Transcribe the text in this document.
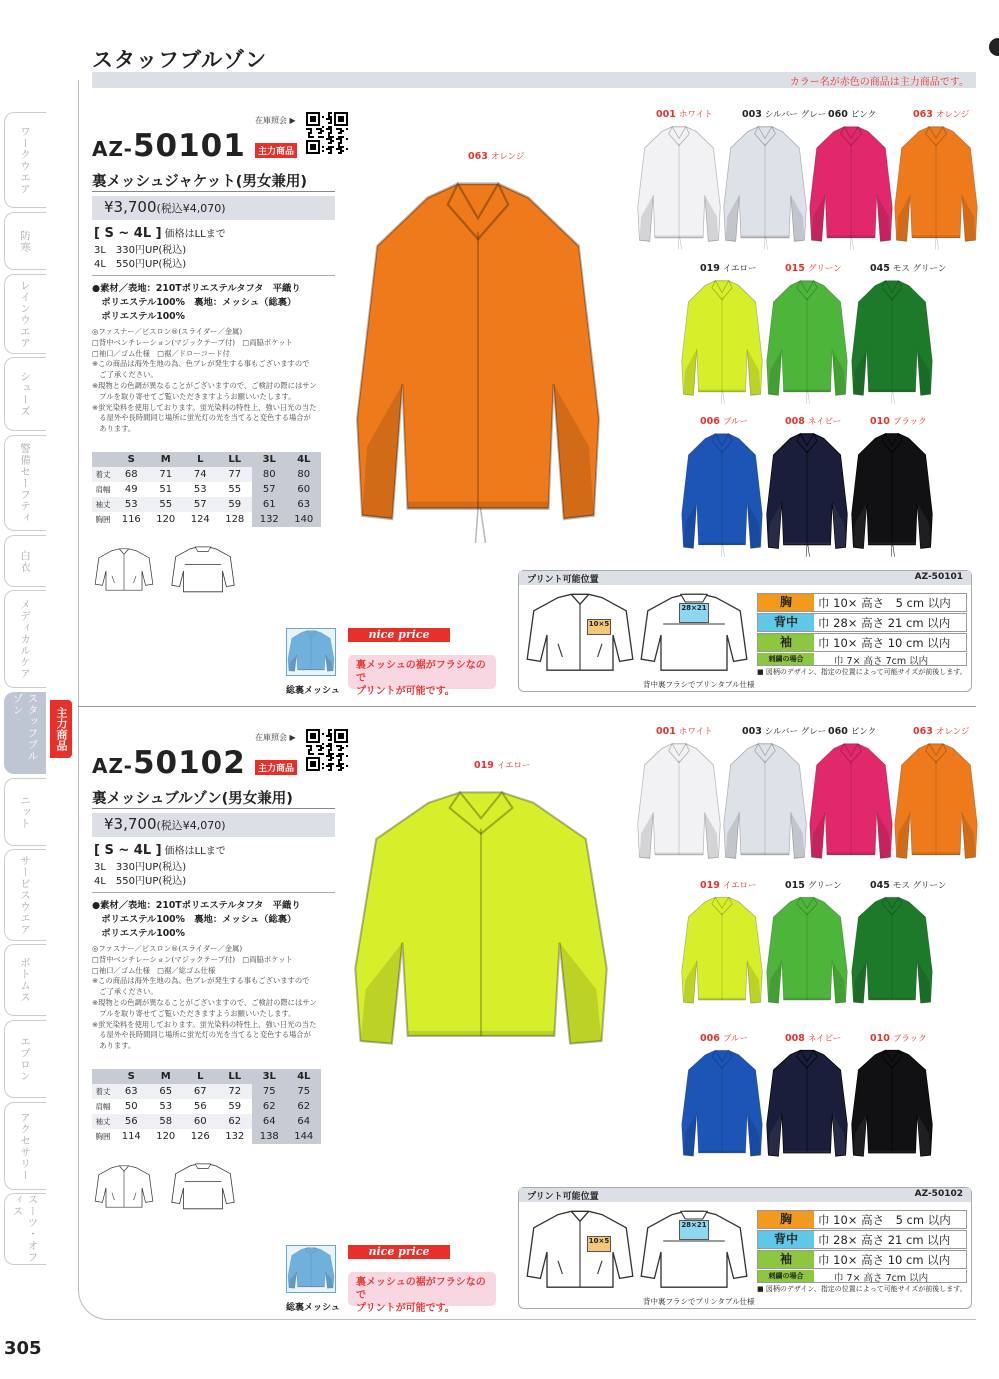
スタッフブルゾン
カラー名が赤色の商品は主力商品です。
ワークウエア
防寒
レインウエア
シューズ
警備セーフティ
白衣
メディカルケア
スタッフブルゾン
ニット
サービスウエア
ボトムス
エプロン
アクセサリー
スーツ・オフィス
主力商品
在庫照会 ▶
AZ-50101	主力商品
裏メッシュジャケット(男女兼用)
¥3,700(税込¥4,070)
[ S ~ 4L ] 価格はLLまで
3L　330円UP(税込)
4L　550円UP(税込)
●素材／表地：210Tポリエステルタフタ　平織り
　ポリエステル100%　裏地：メッシュ（総裏）
　ポリエステル100%
◎ファスナー／ビスロン®(スライダー／金属)
□背中ベンチレーション(マジックテープ付)　□両脇ポケット
□袖口／ゴム仕様　□裾／ドローコード付
※この商品は海外生地の為、色ブレが発生する事もございますので
　ご了承ください。
※現物との色調が異なることがございますので、ご検討の際にはサン
　プルを取り寄せてご覧いただきますようお願いいたします。
※蛍光染料を使用しております。蛍光染料の特性上、強い日光の当た
　る屋外や長時間同じ場所に蛍光灯の光を当てると変色する場合が
　あります。
	S	M	L	LL	3L	4L
着丈	68	71	74	77	80	80
肩幅	49	51	53	55	57	60
袖丈	53	55	57	59	61	63
胸囲	116	120	124	128	132	140
総裏メッシュ
nice price
裏メッシュの裾がフラシなので
プリントが可能です。
063 オレンジ
001 ホワイト	003 シルバー グレー 060 ピンク	063 オレンジ
019 イエロー	015 グリーン	045 モス グリーン
006 ブルー	008 ネイビー	010 ブラック
プリント可能位置	AZ-50101
10×5
28×21
背中裏フラシでプリンタブル仕様
胸	巾 10× 高さ　5 cm 以内
背中	巾 28× 高さ 21 cm 以内
袖	巾 10× 高さ 10 cm 以内
刺繍の場合	巾 7× 高さ 7cm 以内
■ 図柄のデザイン、指定の位置によって可能サイズが前後します。
在庫照会 ▶
AZ-50102	主力商品
裏メッシュブルゾン(男女兼用)
¥3,700(税込¥4,070)
[ S ~ 4L ] 価格はLLまで
3L　330円UP(税込)
4L　550円UP(税込)
●素材／表地：210Tポリエステルタフタ　平織り
　ポリエステル100%　裏地：メッシュ（総裏）
　ポリエステル100%
◎ファスナー／ビスロン®(スライダー／金属)
□背中ベンチレーション(マジックテープ付)　□両脇ポケット
□袖口／ゴム仕様　□裾／総ゴム仕様
※この商品は海外生地の為、色ブレが発生する事もございますので
　ご了承ください。
※現物との色調が異なることがございますので、ご検討の際にはサン
　プルを取り寄せてご覧いただきますようお願いいたします。
※蛍光染料を使用しております。蛍光染料の特性上、強い日光の当た
　る屋外や長時間同じ場所に蛍光灯の光を当てると変色する場合が
　あります。
	S	M	L	LL	3L	4L
着丈	63	65	67	72	75	75
肩幅	50	53	56	59	62	62
袖丈	56	58	60	62	64	64
胸囲	114	120	126	132	138	144
総裏メッシュ
nice price
裏メッシュの裾がフラシなので
プリントが可能です。
019 イエロー
001 ホワイト	003 シルバー グレー 060 ピンク	063 オレンジ
019 イエロー	015 グリーン	045 モス グリーン
006 ブルー	008 ネイビー	010 ブラック
プリント可能位置	AZ-50102
10×5
28×21
背中裏フラシでプリンタブル仕様
胸	巾 10× 高さ　5 cm 以内
背中	巾 28× 高さ 21 cm 以内
袖	巾 10× 高さ 10 cm 以内
刺繍の場合	巾 7× 高さ 7cm 以内
■ 図柄のデザイン、指定の位置によって可能サイズが前後します。
305
